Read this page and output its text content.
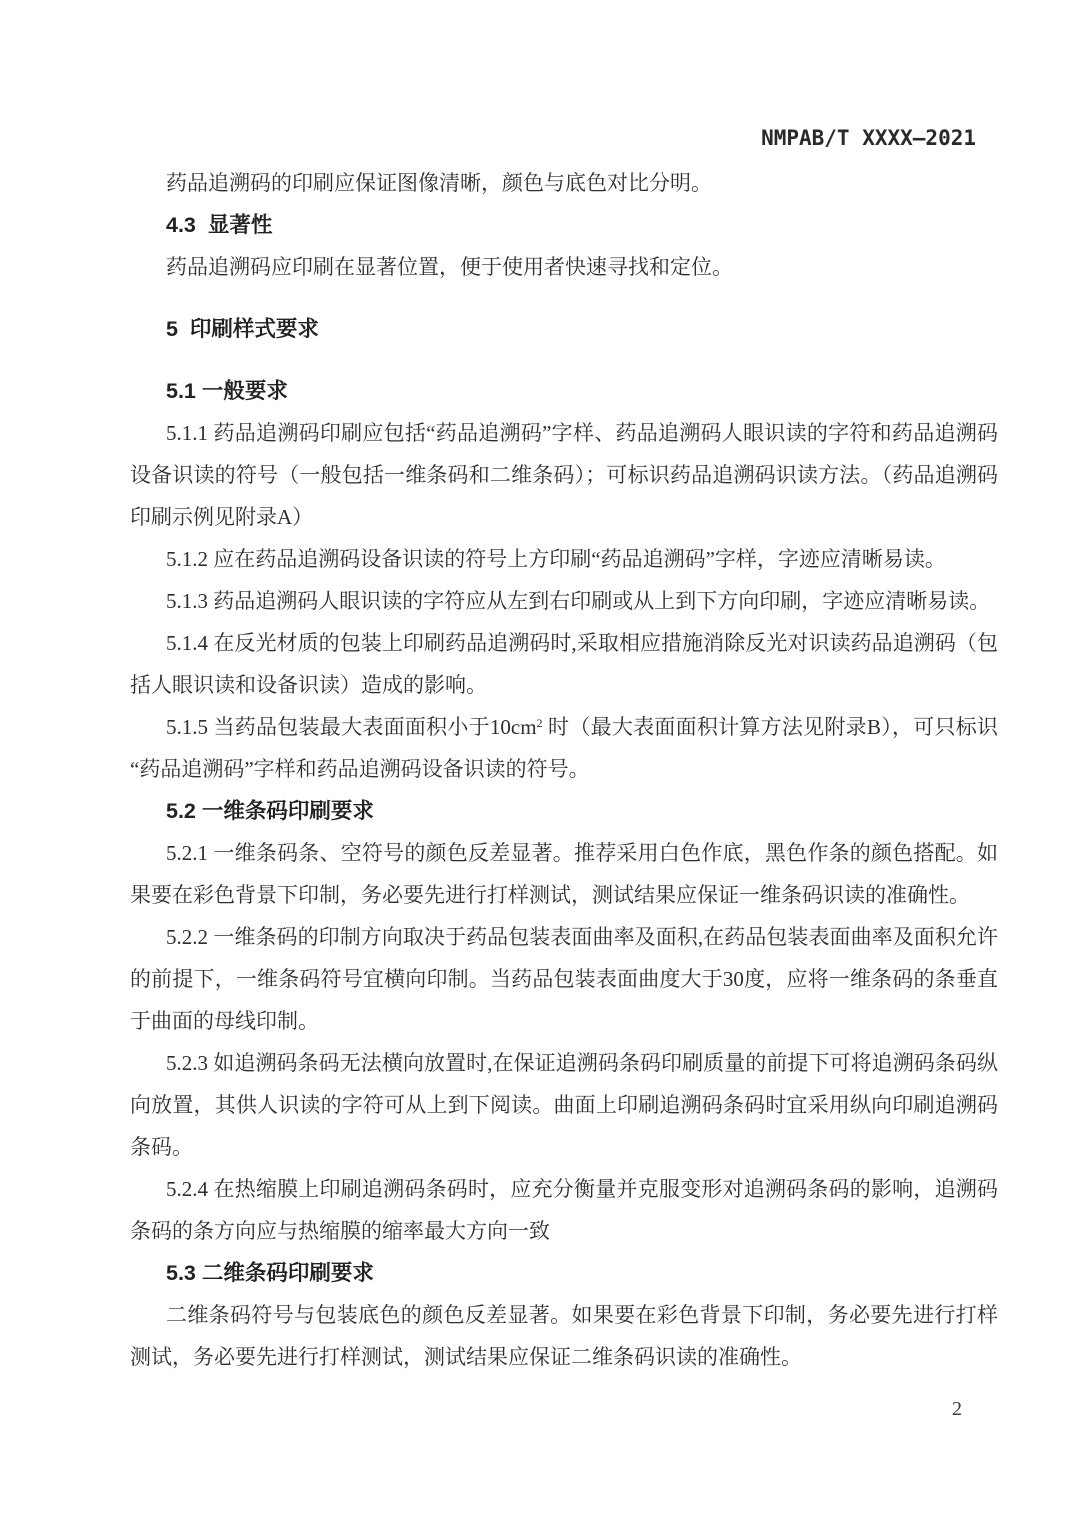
NMPAB/T XXXX—2021

药品追溯码的印刷应保证图像清晰，颜色与底色对比分明。

4.3  显著性

药品追溯码应印刷在显著位置，便于使用者快速寻找和定位。

5  印刷样式要求

5.1 一般要求

5.1.1 药品追溯码印刷应包括“药品追溯码”字样、药品追溯码人眼识读的字符和药品追溯码设备识读的符号（一般包括一维条码和二维条码）；可标识药品追溯码识读方法。（药品追溯码印刷示例见附录A）

5.1.2 应在药品追溯码设备识读的符号上方印刷“药品追溯码”字样，字迹应清晰易读。

5.1.3 药品追溯码人眼识读的字符应从左到右印刷或从上到下方向印刷，字迹应清晰易读。

5.1.4 在反光材质的包装上印刷药品追溯码时,采取相应措施消除反光对识读药品追溯码（包括人眼识读和设备识读）造成的影响。

5.1.5 当药品包装最大表面面积小于$10cm^2$ 时（最大表面面积计算方法见附录B），可只标识“药品追溯码”字样和药品追溯码设备识读的符号。

5.2 一维条码印刷要求

5.2.1 一维条码条、空符号的颜色反差显著。推荐采用白色作底，黑色作条的颜色搭配。如果要在彩色背景下印制，务必要先进行打样测试，测试结果应保证一维条码识读的准确性。

5.2.2 一维条码的印制方向取决于药品包装表面曲率及面积,在药品包装表面曲率及面积允许的前提下，一维条码符号宜横向印制。当药品包装表面曲度大于30度，应将一维条码的条垂直于曲面的母线印制。

5.2.3 如追溯码条码无法横向放置时,在保证追溯码条码印刷质量的前提下可将追溯码条码纵向放置，其供人识读的字符可从上到下阅读。曲面上印刷追溯码条码时宜采用纵向印刷追溯码条码。

5.2.4 在热缩膜上印刷追溯码条码时，应充分衡量并克服变形对追溯码条码的影响，追溯码条码的条方向应与热缩膜的缩率最大方向一致

5.3 二维条码印刷要求

二维条码符号与包装底色的颜色反差显著。如果要在彩色背景下印制，务必要先进行打样测试，务必要先进行打样测试，测试结果应保证二维条码识读的准确性。

2
